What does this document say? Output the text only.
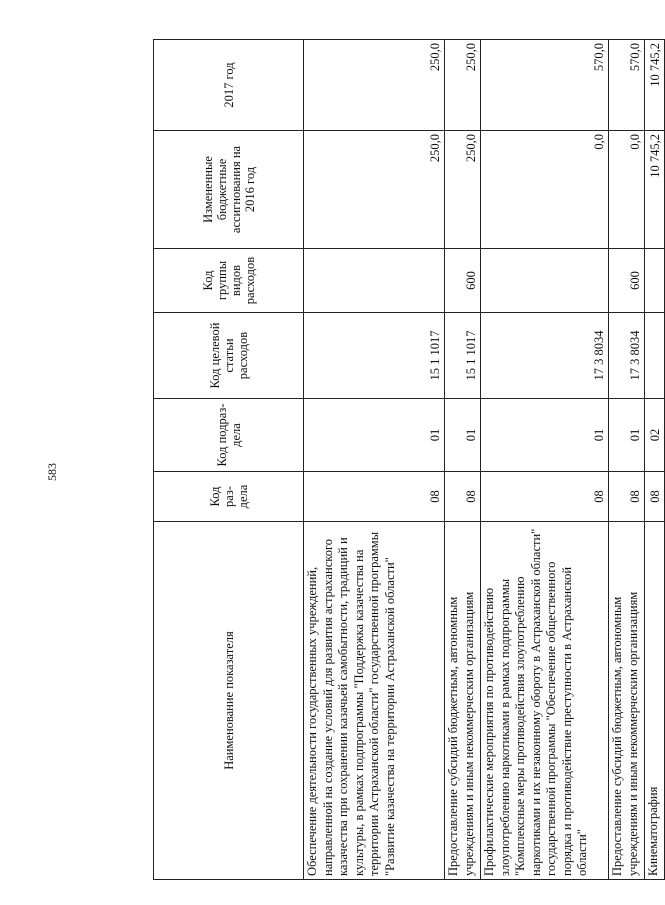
583
Наименование показателя	Код раз-дела	Код подраз-дела	Код целевой статьи расходов	Код группы видов расходов	Измененные бюджетные ассигнования на 2016 год	2017 год
Обеспечение деятельности государственных учреждений, направленной на создание условий для развития астраханского казачества при сохранении казачьей самобытности, традиций и культуры, в рамках подпрограммы "Поддержка казачества на территории Астраханской области" государственной программы "Развитие казачества на территории Астраханской области"	08	01	15 1 1017		250,0	250,0
Предоставление субсидий бюджетным, автономным учреждениям и иным некоммерческим организациям	08	01	15 1 1017	600	250,0	250,0
Профилактические мероприятия по противодействию злоупотреблению наркотиками в рамках подпрограммы "Комплексные меры противодействия злоупотреблению наркотиками и их незаконному обороту в Астраханской области" государственной программы "Обеспечение общественного порядка и противодействие преступности в Астраханской области"	08	01	17 3 8034		0,0	570,0
Предоставление субсидий бюджетным, автономным учреждениям и иным некоммерческим организациям	08	01	17 3 8034	600	0,0	570,0
Кинематография	08	02			10 745,2	10 745,2
